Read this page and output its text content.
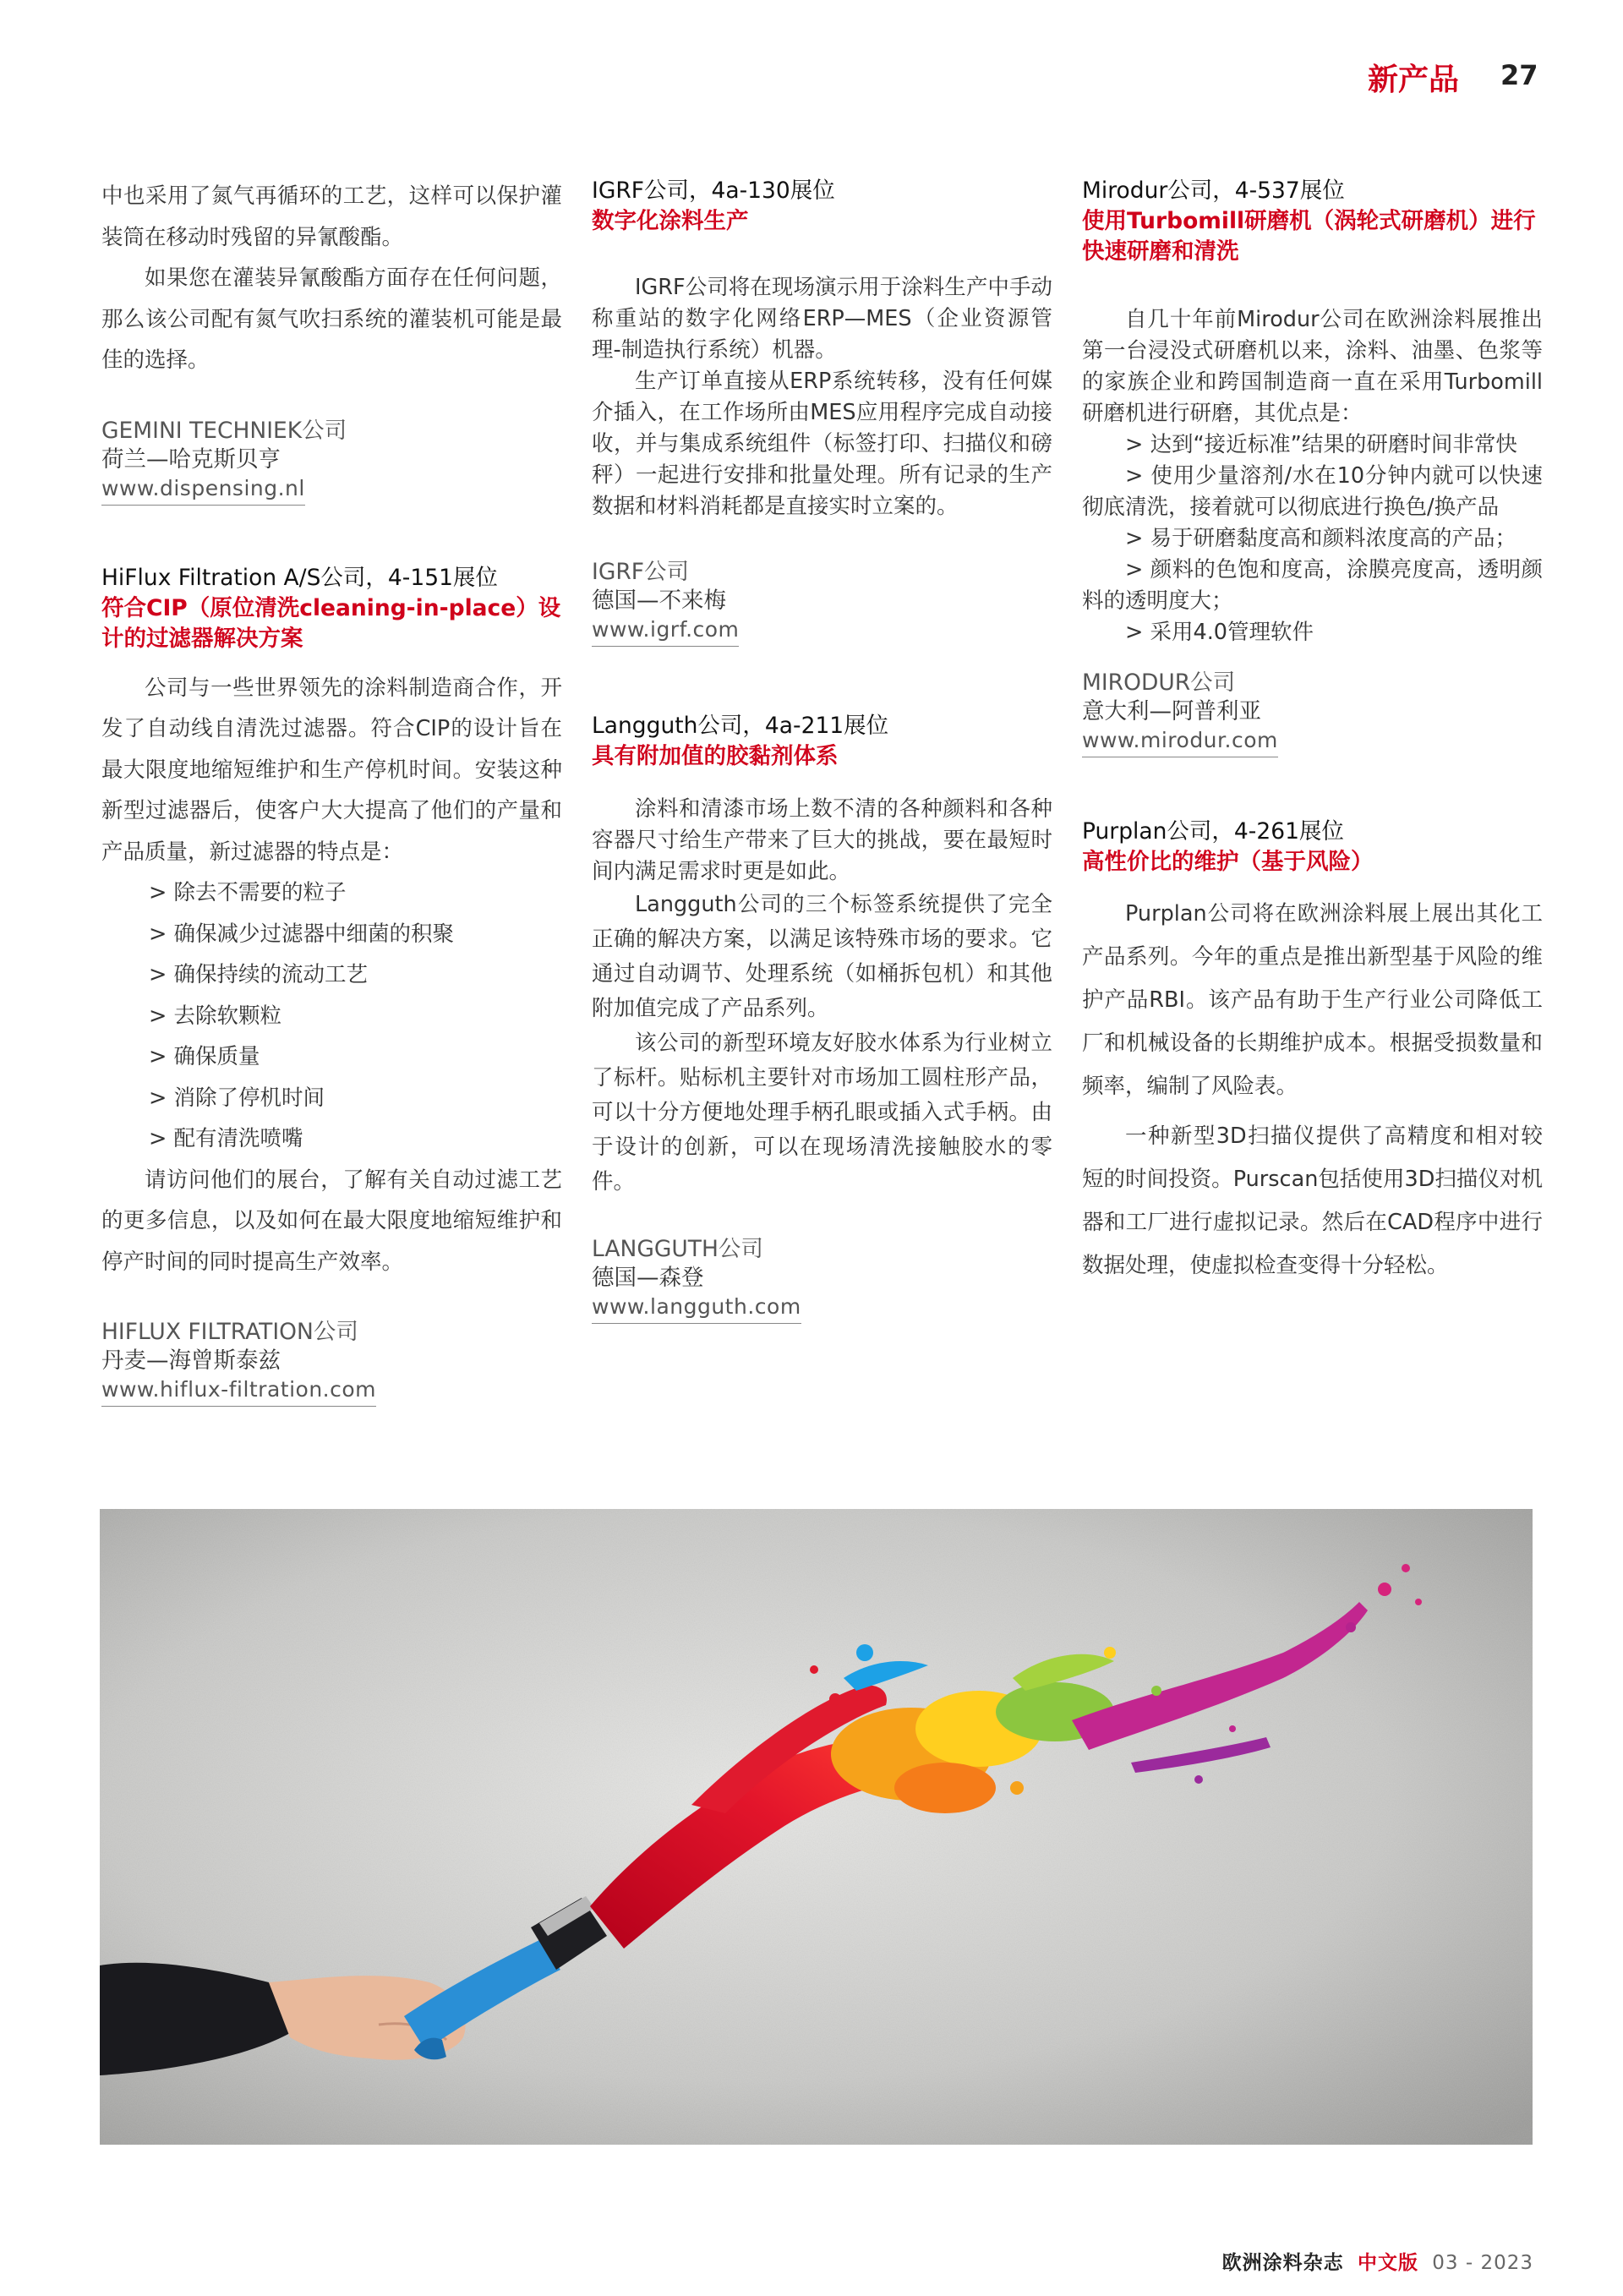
新产品 27

中也采用了氮气再循环的工艺，这样可以保护灌装筒在移动时残留的异氰酸酯。

如果您在灌装异氰酸酯方面存在任何问题，那么该公司配有氮气吹扫系统的灌装机可能是最佳的选择。

GEMINI TECHNIEK公司

荷兰—哈克斯贝亨

www.dispensing.nl

HiFlux Filtration A/S公司，4-151展位

符合CIP（原位清洗cleaning-in-place）设计的过滤器解决方案

公司与一些世界领先的涂料制造商合作，开发了自动线自清洗过滤器。符合CIP的设计旨在最大限度地缩短维护和生产停机时间。安装这种新型过滤器后，使客户大大提高了他们的产量和产品质量，新过滤器的特点是：

> 除去不需要的粒子

> 确保减少过滤器中细菌的积聚

> 确保持续的流动工艺

> 去除软颗粒

> 确保质量

> 消除了停机时间

> 配有清洗喷嘴

请访问他们的展台，了解有关自动过滤工艺的更多信息，以及如何在最大限度地缩短维护和停产时间的同时提高生产效率。

HIFLUX FILTRATION公司

丹麦—海曾斯泰兹

www.hiflux-filtration.com

IGRF公司，4a-130展位

数字化涂料生产

IGRF公司将在现场演示用于涂料生产中手动称重站的数字化网络ERP—MES（企业资源管理-制造执行系统）机器。

生产订单直接从ERP系统转移，没有任何媒介插入，在工作场所由MES应用程序完成自动接收，并与集成系统组件（标签打印、扫描仪和磅秤）一起进行安排和批量处理。所有记录的生产数据和材料消耗都是直接实时立案的。

IGRF公司

德国—不来梅

www.igrf.com

Langguth公司，4a-211展位

具有附加值的胶黏剂体系

涂料和清漆市场上数不清的各种颜料和各种容器尺寸给生产带来了巨大的挑战，要在最短时间内满足需求时更是如此。

Langguth公司的三个标签系统提供了完全正确的解决方案，以满足该特殊市场的要求。它通过自动调节、处理系统（如桶拆包机）和其他附加值完成了产品系列。

该公司的新型环境友好胶水体系为行业树立了标杆。贴标机主要针对市场加工圆柱形产品，可以十分方便地处理手柄孔眼或插入式手柄。由于设计的创新，可以在现场清洗接触胶水的零件。

LANGGUTH公司

德国—森登

www.langguth.com

Mirodur公司，4-537展位

使用Turbomill研磨机（涡轮式研磨机）进行快速研磨和清洗

自几十年前Mirodur公司在欧洲涂料展推出第一台浸没式研磨机以来，涂料、油墨、色浆等的家族企业和跨国制造商一直在采用Turbomill研磨机进行研磨，其优点是：

> 达到“接近标准”结果的研磨时间非常快

> 使用少量溶剂/水在10分钟内就可以快速彻底清洗，接着就可以彻底进行换色/换产品

> 易于研磨黏度高和颜料浓度高的产品；

> 颜料的色饱和度高，涂膜亮度高，透明颜料的透明度大；

> 采用4.0管理软件

MIRODUR公司

意大利—阿普利亚

www.mirodur.com

Purplan公司，4-261展位

高性价比的维护（基于风险）

Purplan公司将在欧洲涂料展上展出其化工产品系列。今年的重点是推出新型基于风险的维护产品RBI。该产品有助于生产行业公司降低工厂和机械设备的长期维护成本。根据受损数量和频率，编制了风险表。

一种新型3D扫描仪提供了高精度和相对较短的时间投资。Purscan包括使用3D扫描仪对机器和工厂进行虚拟记录。然后在CAD程序中进行数据处理，使虚拟检查变得十分轻松。

欧洲涂料杂志 中文版 03 - 2023
